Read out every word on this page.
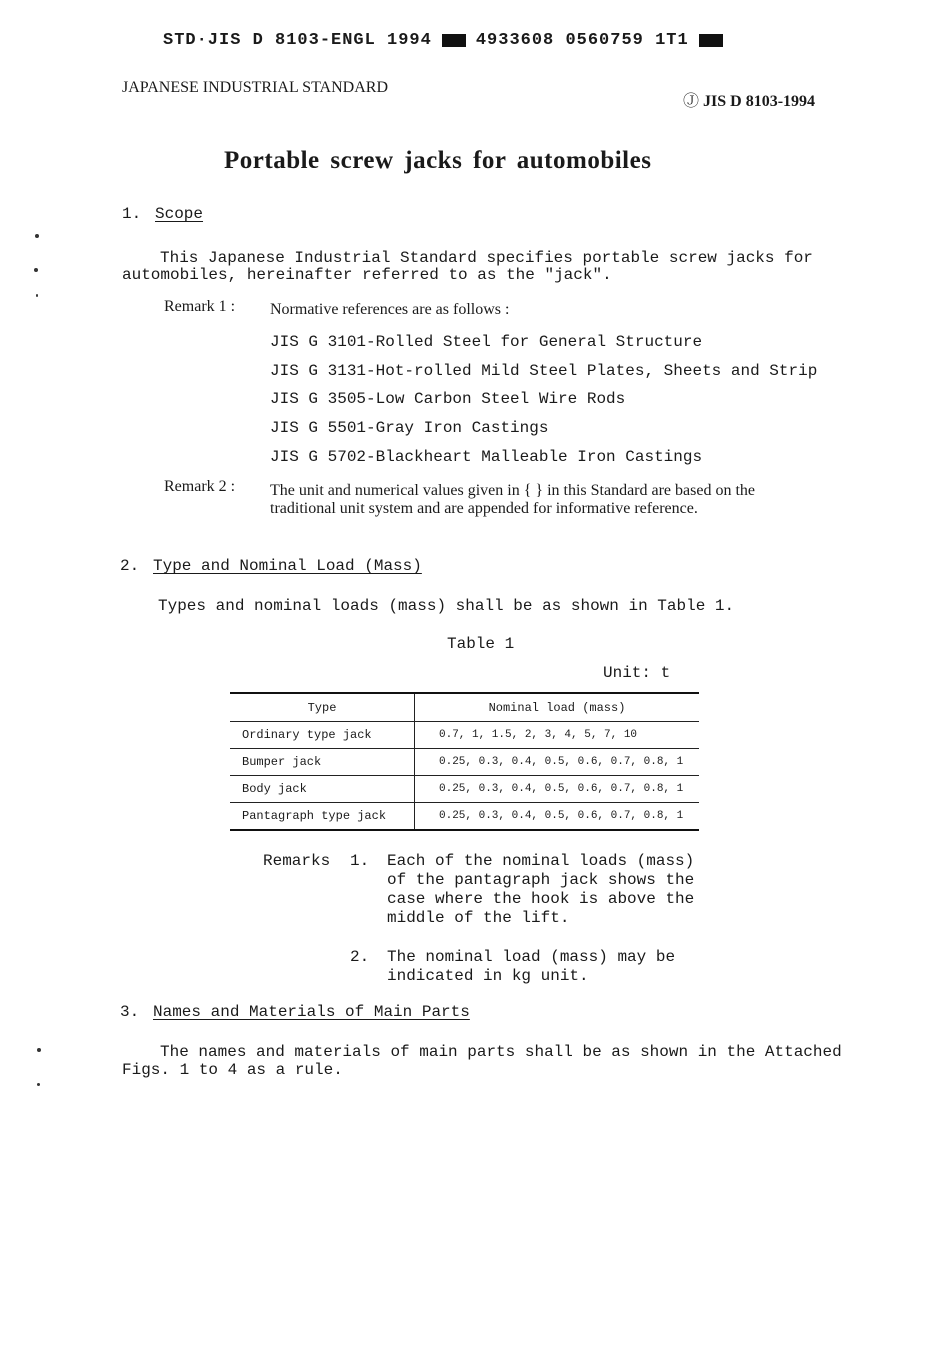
STD·JIS D 8103-ENGL 1994	4933608 0560759 1T1
JAPANESE INDUSTRIAL STANDARD
Ⓙ JIS D 8103-1994
Portable screw jacks for automobiles
1. Scope
This Japanese Industrial Standard specifies portable screw jacks for
automobiles, hereinafter referred to as the "jack".
Remark 1 : Normative references are as follows :
JIS G 3101-Rolled Steel for General Structure
JIS G 3131-Hot-rolled Mild Steel Plates, Sheets and Strip
JIS G 3505-Low Carbon Steel Wire Rods
JIS G 5501-Gray Iron Castings
JIS G 5702-Blackheart Malleable Iron Castings
Remark 2 : The unit and numerical values given in { } in this Standard are based on the traditional unit system and are appended for informative reference.
2. Type and Nominal Load (Mass)
Types and nominal loads (mass) shall be as shown in Table 1.
Table 1
Unit: t
Type	Nominal load (mass)
Ordinary type jack	0.7, 1, 1.5, 2, 3, 4, 5, 7, 10
Bumper jack	0.25, 0.3, 0.4, 0.5, 0.6, 0.7, 0.8, 1
Body jack	0.25, 0.3, 0.4, 0.5, 0.6, 0.7, 0.8, 1
Pantagraph type jack	0.25, 0.3, 0.4, 0.5, 0.6, 0.7, 0.8, 1
Remarks 1. Each of the nominal loads (mass)
of the pantagraph jack shows the
case where the hook is above the
middle of the lift.
2. The nominal load (mass) may be
indicated in kg unit.
3. Names and Materials of Main Parts
The names and materials of main parts shall be as shown in the Attached
Figs. 1 to 4 as a rule.
